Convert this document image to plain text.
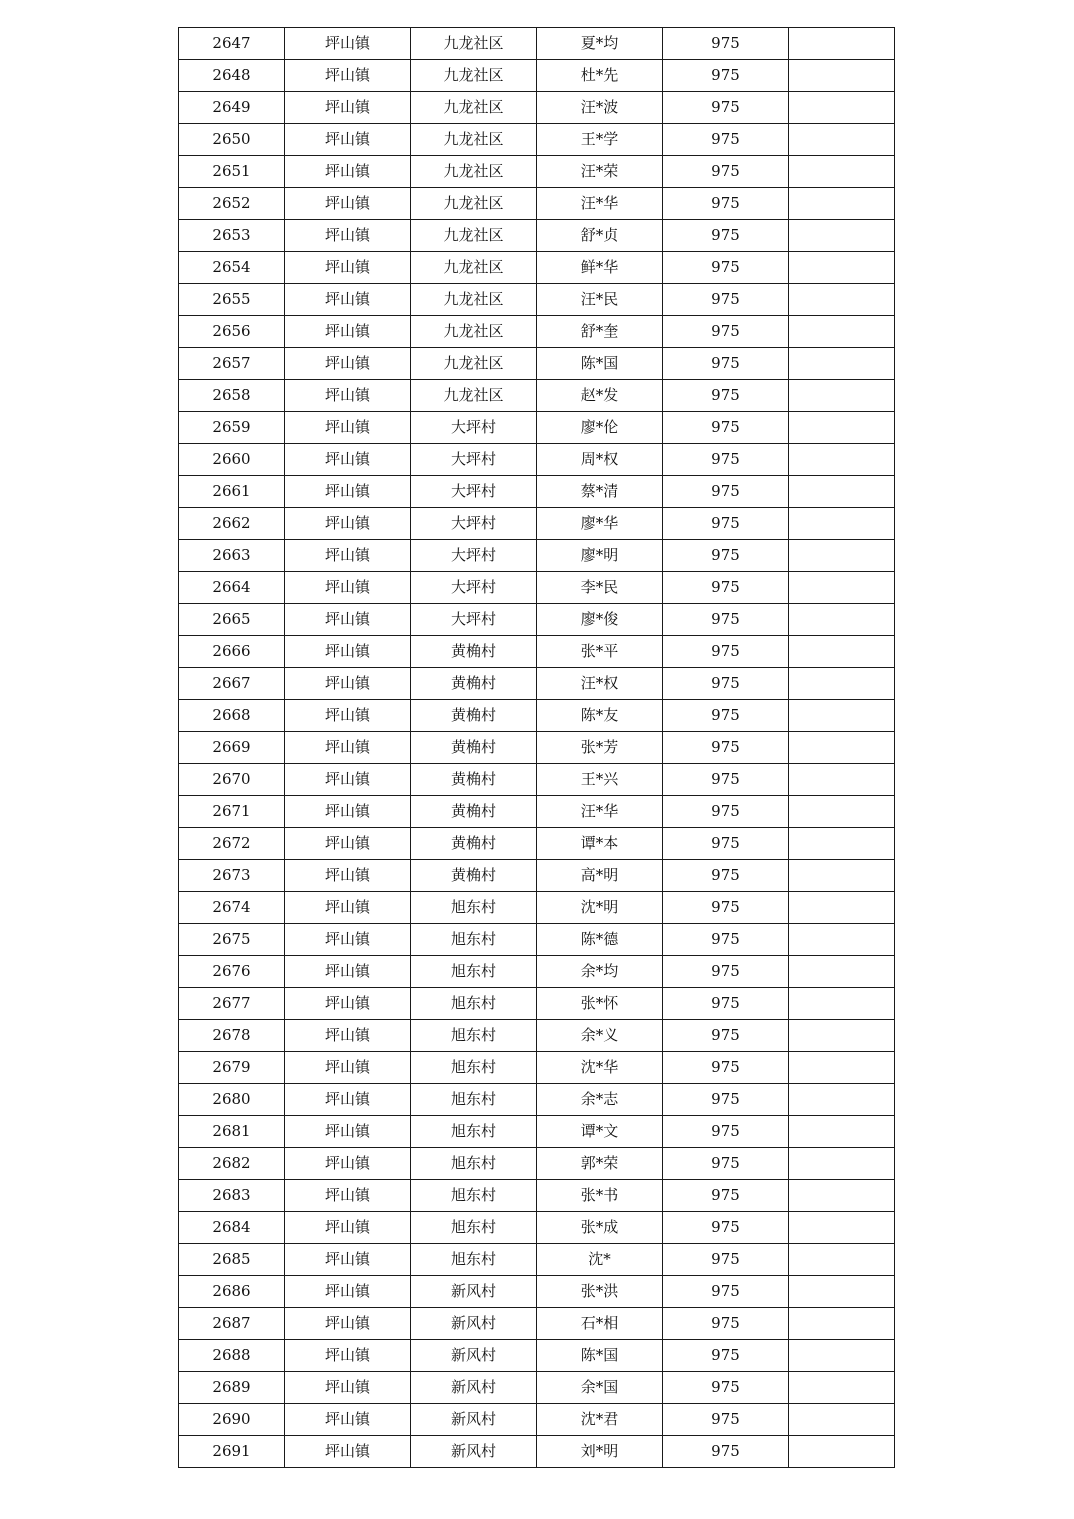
2647	坪山镇	九龙社区	夏*均	975	
2648	坪山镇	九龙社区	杜*先	975	
2649	坪山镇	九龙社区	汪*波	975	
2650	坪山镇	九龙社区	王*学	975	
2651	坪山镇	九龙社区	汪*荣	975	
2652	坪山镇	九龙社区	汪*华	975	
2653	坪山镇	九龙社区	舒*贞	975	
2654	坪山镇	九龙社区	鲜*华	975	
2655	坪山镇	九龙社区	汪*民	975	
2656	坪山镇	九龙社区	舒*奎	975	
2657	坪山镇	九龙社区	陈*国	975	
2658	坪山镇	九龙社区	赵*发	975	
2659	坪山镇	大坪村	廖*伦	975	
2660	坪山镇	大坪村	周*权	975	
2661	坪山镇	大坪村	蔡*清	975	
2662	坪山镇	大坪村	廖*华	975	
2663	坪山镇	大坪村	廖*明	975	
2664	坪山镇	大坪村	李*民	975	
2665	坪山镇	大坪村	廖*俊	975	
2666	坪山镇	黄桷村	张*平	975	
2667	坪山镇	黄桷村	汪*权	975	
2668	坪山镇	黄桷村	陈*友	975	
2669	坪山镇	黄桷村	张*芳	975	
2670	坪山镇	黄桷村	王*兴	975	
2671	坪山镇	黄桷村	汪*华	975	
2672	坪山镇	黄桷村	谭*本	975	
2673	坪山镇	黄桷村	高*明	975	
2674	坪山镇	旭东村	沈*明	975	
2675	坪山镇	旭东村	陈*德	975	
2676	坪山镇	旭东村	余*均	975	
2677	坪山镇	旭东村	张*怀	975	
2678	坪山镇	旭东村	余*义	975	
2679	坪山镇	旭东村	沈*华	975	
2680	坪山镇	旭东村	余*志	975	
2681	坪山镇	旭东村	谭*文	975	
2682	坪山镇	旭东村	郭*荣	975	
2683	坪山镇	旭东村	张*书	975	
2684	坪山镇	旭东村	张*成	975	
2685	坪山镇	旭东村	沈*	975	
2686	坪山镇	新风村	张*洪	975	
2687	坪山镇	新风村	石*相	975	
2688	坪山镇	新风村	陈*国	975	
2689	坪山镇	新风村	余*国	975	
2690	坪山镇	新风村	沈*君	975	
2691	坪山镇	新风村	刘*明	975	
